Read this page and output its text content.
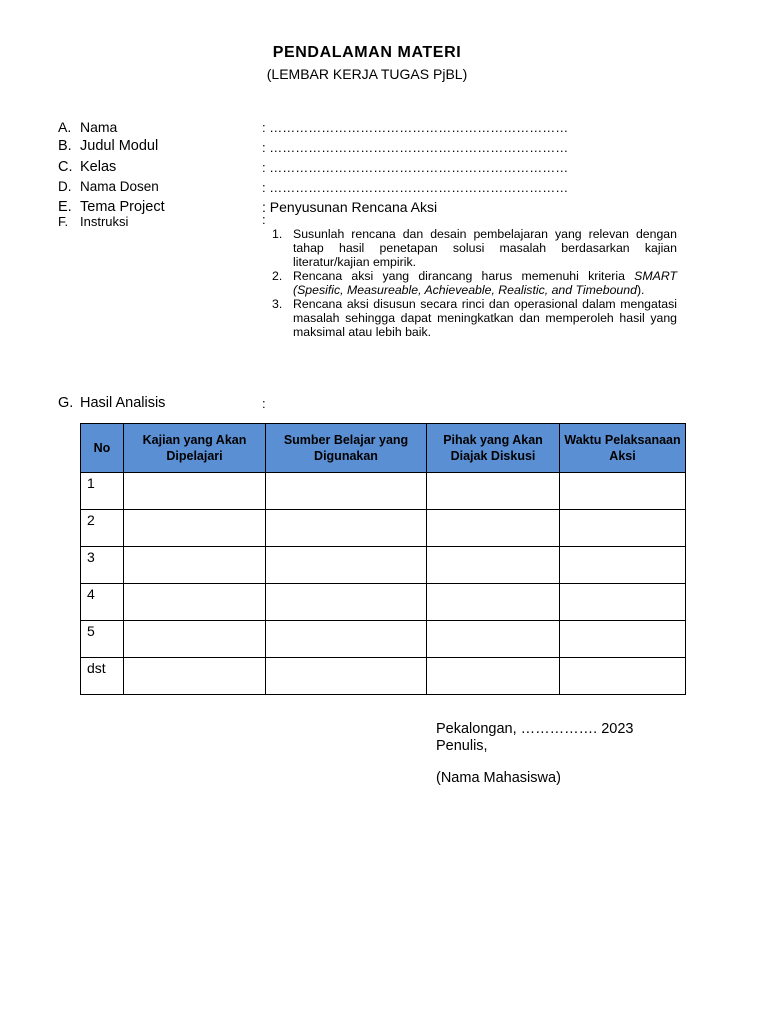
PENDALAMAN MATERI
(LEMBAR KERJA TUGAS PjBL)
A. Nama	: ……………………………………………………………
B. Judul Modul	: ……………………………………………………………
C. Kelas	: ……………………………………………………………
D. Nama Dosen	: ……………………………………………………………
E. Tema Project	: Penyusunan Rencana Aksi
F. Instruksi	:
1. Susunlah rencana dan desain pembelajaran yang relevan dengan tahap hasil penetapan solusi masalah berdasarkan kajian literatur/kajian empirik.
2. Rencana aksi yang dirancang harus memenuhi kriteria SMART (Spesific, Measureable, Achieveable, Realistic, and Timebound).
3. Rencana aksi disusun secara rinci dan operasional dalam mengatasi masalah sehingga dapat meningkatkan dan memperoleh hasil yang maksimal atau lebih baik.
G. Hasil Analisis	:
No	Kajian yang Akan Dipelajari	Sumber Belajar yang Digunakan	Pihak yang Akan Diajak Diskusi	Waktu Pelaksanaan Aksi
1				
2				
3				
4				
5				
dst				
Pekalongan, ……………. 2023
Penulis,
(Nama Mahasiswa)
